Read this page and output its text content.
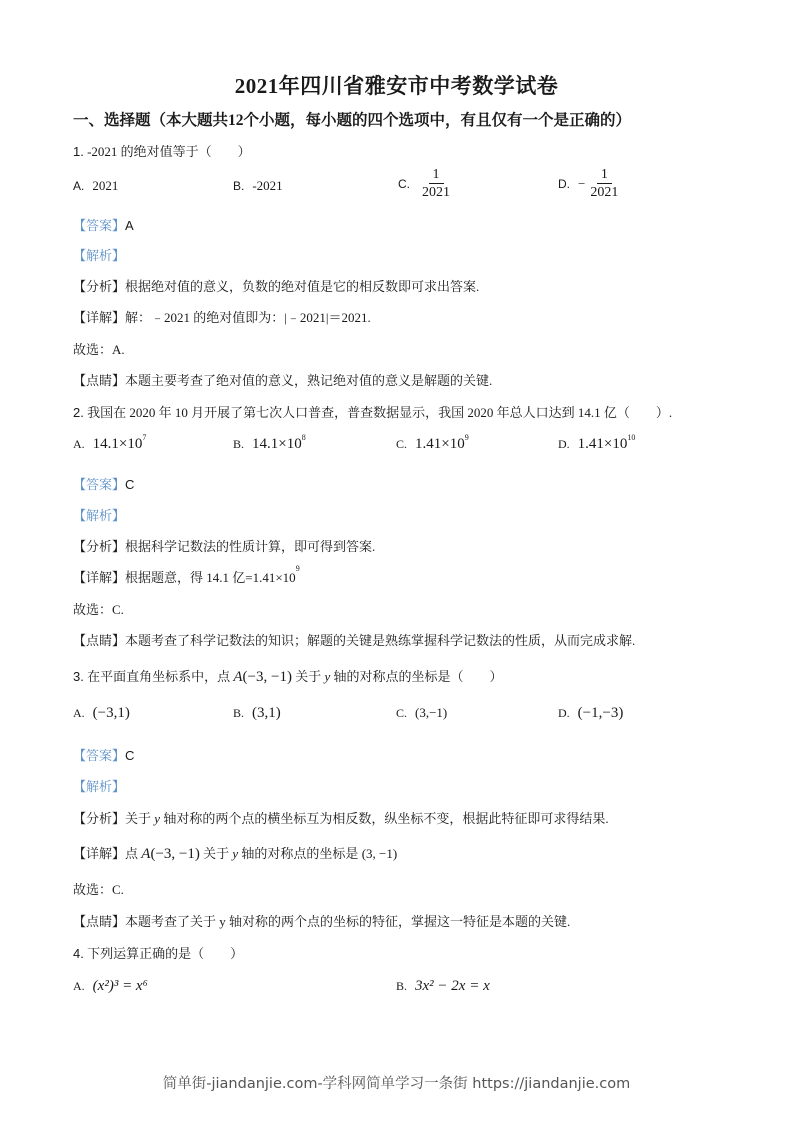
2021年四川省雅安市中考数学试卷
一、选择题（本大题共12个小题，每小题的四个选项中，有且仅有一个是正确的）
1. -2021 的绝对值等于（　　）
A. 2021	B. -2021	C. $\frac{1}{2021}$	D. − $\frac{1}{2021}$
【答案】A
【解析】
【分析】根据绝对值的意义，负数的绝对值是它的相反数即可求出答案.
【详解】解：﹣2021 的绝对值即为：|﹣2021|＝2021.
故选：A.
【点睛】本题主要考查了绝对值的意义，熟记绝对值的意义是解题的关键.
2. 我国在 2020 年 10 月开展了第七次人口普查，普查数据显示，我国 2020 年总人口达到 14.1 亿（　　）.
A. $14.1\times 10^7$	B. $14.1\times 10^8$	C. $1.41\times 10^9$	D. $1.41\times 10^{10}$
【答案】C
【解析】
【分析】根据科学记数法的性质计算，即可得到答案.
【详解】根据题意，得 14.1 亿$=1.41\times 10^9$
故选：C.
【点睛】本题考查了科学记数法的知识；解题的关键是熟练掌握科学记数法的性质，从而完成求解.
3. 在平面直角坐标系中，点 A(−3, −1) 关于 y 轴的对称点的坐标是（　　）
A. (−3,1)	B. (3,1)	C. (3,−1)	D. (−1,−3)
【答案】C
【解析】
【分析】关于 y 轴对称的两个点的横坐标互为相反数，纵坐标不变，根据此特征即可求得结果.
【详解】点 A(−3, −1) 关于 y 轴的对称点的坐标是 (3, −1)
故选：C.
【点睛】本题考查了关于 y 轴对称的两个点的坐标的特征，掌握这一特征是本题的关键.
4. 下列运算正确的是（　　）
A. (x²)³ = x⁶	B. 3x² − 2x = x
简单街-jiandanjie.com-学科网简单学习一条街 https://jiandanjie.com
